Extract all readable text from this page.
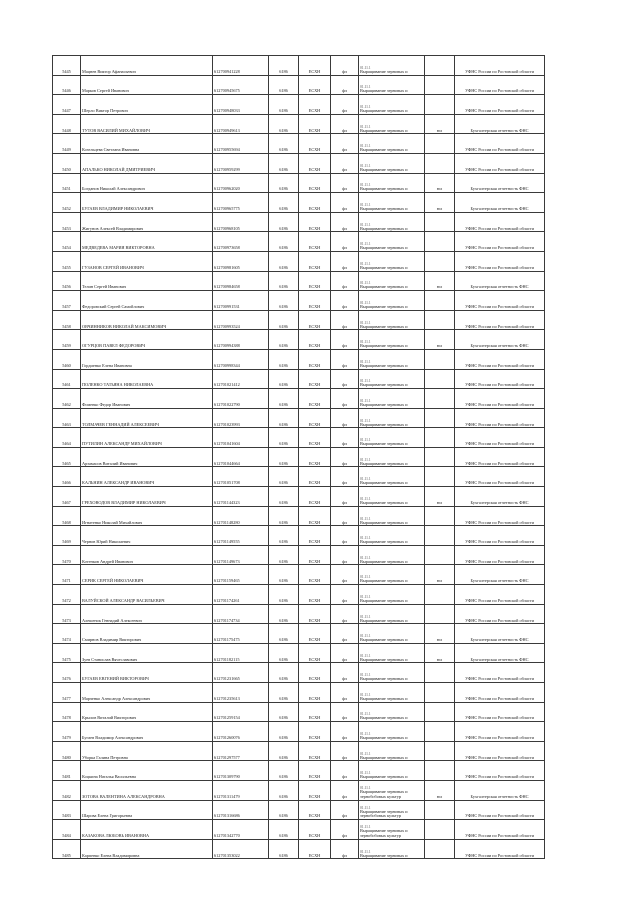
5445	Мацнев Виктор Афанасьевич	612700941228	6186	ЕСХН	фл	01.11.1
Выращивание зерновых и		УФНС России по Ростовской области
5446	Марков Сергей Иванович	612700945675	6186	ЕСХН	фл	01.11.1
Выращивание зерновых и		УФНС России по Ростовской области
5447	Шерло Виктор Петрович	612700948033	6186	ЕСХН	фл	01.11.1
Выращивание зерновых и		УФНС России по Ростовской области
5448	ТУТОВ ВАСИЛИЙ МИХАЙЛОВИЧ	612700949613	6186	ЕСХН	фл	01.11.1
Выращивание зерновых и	юл	Бухгалтерская отчетность ФНС
5449	Козельцева Светлана Ивановна	612700955694	6186	ЕСХН	фл	01.11.1
Выращивание зерновых и		УФНС России по Ростовской области
5450	АПАЛЬКО НИКОЛАЙ ДМИТРИЕВИЧ	612700959299	6186	ЕСХН	фл	01.11.1
Выращивание зерновых и		УФНС России по Ростовской области
5451	Богданов Николай Александрович	612700962020	6186	ЕСХН	фл	01.11.1
Выращивание зерновых и	юл	Бухгалтерская отчетность ФНС
5452	БУГАЕВ ВЛАДИМИР НИКОЛАЕВИЧ	612700965775	6186	ЕСХН	фл	01.11.1
Выращивание зерновых и	юл	Бухгалтерская отчетность ФНС
5453	Жигунов Алексей Владимирович	612700968105	6186	ЕСХН	фл	01.11.1
Выращивание зерновых и		УФНС России по Ростовской области
5454	МЕДВЕДЕВА МАРИЯ ВИКТОРОВНА	612700973658	6186	ЕСХН	фл	01.11.1
Выращивание зерновых и		УФНС России по Ростовской области
5455	ГУЗАНОВ СЕРГЕЙ ИВАНОВИЧ	612700981605	6186	ЕСХН	фл	01.11.1
Выращивание зерновых и		УФНС России по Ростовской области
5456	Телин Сергей Иванович	612700984658	6186	ЕСХН	фл	01.11.1
Выращивание зерновых и	юл	Бухгалтерская отчетность ФНС
5457	Федоровский Сергей Самойлович	612700991531	6186	ЕСХН	фл	01.11.1
Выращивание зерновых и		УФНС России по Ростовской области
5458	ОВЧИННИКОВ НИКОЛАЙ МАКСИМОВИЧ	612700993524	6186	ЕСХН	фл	01.11.1
Выращивание зерновых и		УФНС России по Ростовской области
5459	ОГУРЦОВ ПАВЕЛ ФЕДОРОВИЧ	612700994388	6186	ЕСХН	фл	01.11.1
Выращивание зерновых и	юл	Бухгалтерская отчетность ФНС
5460	Гордиенко Елена Ивановна	612700998344	6186	ЕСХН	фл	01.11.1
Выращивание зерновых и		УФНС России по Ростовской области
5461	ПОЛЕНКО ТАТЬЯНА НИКОЛАЕВНА	612701021412	6186	ЕСХН	фл	01.11.1
Выращивание зерновых и		УФНС России по Ростовской области
5462	Фоменко Федор Иванович	612701022790	6186	ЕСХН	фл	01.11.1
Выращивание зерновых и		УФНС России по Ростовской области
5463	ТОЛМАЧЕВ ГЕННАДИЙ АЛЕКСЕЕВИЧ	612701023993	6186	ЕСХН	фл	01.11.1
Выращивание зерновых и		УФНС России по Ростовской области
5464	ПУТИЛИН АЛЕКСАНДР МИХАЙЛОВИЧ	612701041604	6186	ЕСХН	фл	01.11.1
Выращивание зерновых и		УФНС России по Ростовской области
5465	Арзамасов Виталий Иванович	612701044664	6186	ЕСХН	фл	01.11.1
Выращивание зерновых и		УФНС России по Ростовской области
5466	КАЛЬНИН АЛЕКСАНДР ИВАНОВИЧ	612701051708	6186	ЕСХН	фл	01.11.1
Выращивание зерновых и		УФНС России по Ростовской области
5467	ГРЕХОВОДОВ ВЛАДИМИР НИКОЛАЕВИЧ	612701144323	6186	ЕСХН	фл	01.11.1
Выращивание зерновых и	юл	Бухгалтерская отчетность ФНС
5468	Игнатенко Николай Михайлович	612701148280	6186	ЕСХН	фл	01.11.1
Выращивание зерновых и		УФНС России по Ростовской области
5469	Чернов Юрий Николаевич	612701149555	6186	ЕСХН	фл	01.11.1
Выращивание зерновых и		УФНС России по Ростовской области
5470	Котенков Андрей Иванович	612701149673	6186	ЕСХН	фл	01.11.1
Выращивание зерновых и		УФНС России по Ростовской области
5471	СЕРИК СЕРГЕЙ НИКОЛАЕВИЧ	612701159465	6186	ЕСХН	фл	01.11.1
Выращивание зерновых и	юл	Бухгалтерская отчетность ФНС
5472	ВАЛУЙСКОЙ АЛЕКСАНДР ВАСИЛЬЕВИЧ	612701174261	6186	ЕСХН	фл	01.11.1
Выращивание зерновых и		УФНС России по Ростовской области
5473	Алешенок Геннадий Алексеевич	612701174734	6186	ЕСХН	фл	01.11.1
Выращивание зерновых и		УФНС России по Ростовской области
5474	Смирнов Владимир Викторович	612701175475	6186	ЕСХН	фл	01.11.1
Выращивание зерновых и	юл	Бухгалтерская отчетность ФНС
5475	Зуев Станислав Вячеславович	612701182115	6186	ЕСХН	фл	01.11.1
Выращивание зерновых и	юл	Бухгалтерская отчетность ФНС
5476	БУГАЕВ ЕВГЕНИЙ ВИКТОРОВИЧ	612701231665	6186	ЕСХН	фл	01.11.1
Выращивание зерновых и		УФНС России по Ростовской области
5477	Марченко Александр Александрович	612701235613	6186	ЕСХН	фл	01.11.1
Выращивание зерновых и		УФНС России по Ростовской области
5478	Крылов Виталий Викторович	612701259154	6186	ЕСХН	фл	01.11.1
Выращивание зерновых и		УФНС России по Ростовской области
5479	Бугаев Владимир Александрович	612701260076	6186	ЕСХН	фл	01.11.1
Выращивание зерновых и		УФНС России по Ростовской области
5480	Уборка Галина Петровна	612701297577	6186	ЕСХН	фл	01.11.1
Выращивание зерновых и		УФНС России по Ростовской области
5481	Коцкина Наталья Васильевна	612701309790	6186	ЕСХН	фл	01.11.1
Выращивание зерновых и		УФНС России по Ростовской области
5482	ЗОТОВА ВАЛЕНТИНА АЛЕКСАНДРОВНА	612701311479	6186	ЕСХН	фл	01.11.1
Выращивание зерновых и зернобобовых культур	юл	Бухгалтерская отчетность ФНС
5483	Шарова Елена Григорьевна	612701316686	6186	ЕСХН	фл	01.11.1
Выращивание зерновых и зернобобовых культур		УФНС России по Ростовской области
5484	КАЗАКОВА ЛЮБОВЬ ИВАНОВНА	612701342770	6186	ЕСХН	фл	01.11.1
Выращивание зерновых и зернобобовых культур		УФНС России по Ростовской области
5485	Карпенко Елена Владимировна	612701353022	6186	ЕСХН	фл	01.11.1
Выращивание зерновых и		УФНС России по Ростовской области
